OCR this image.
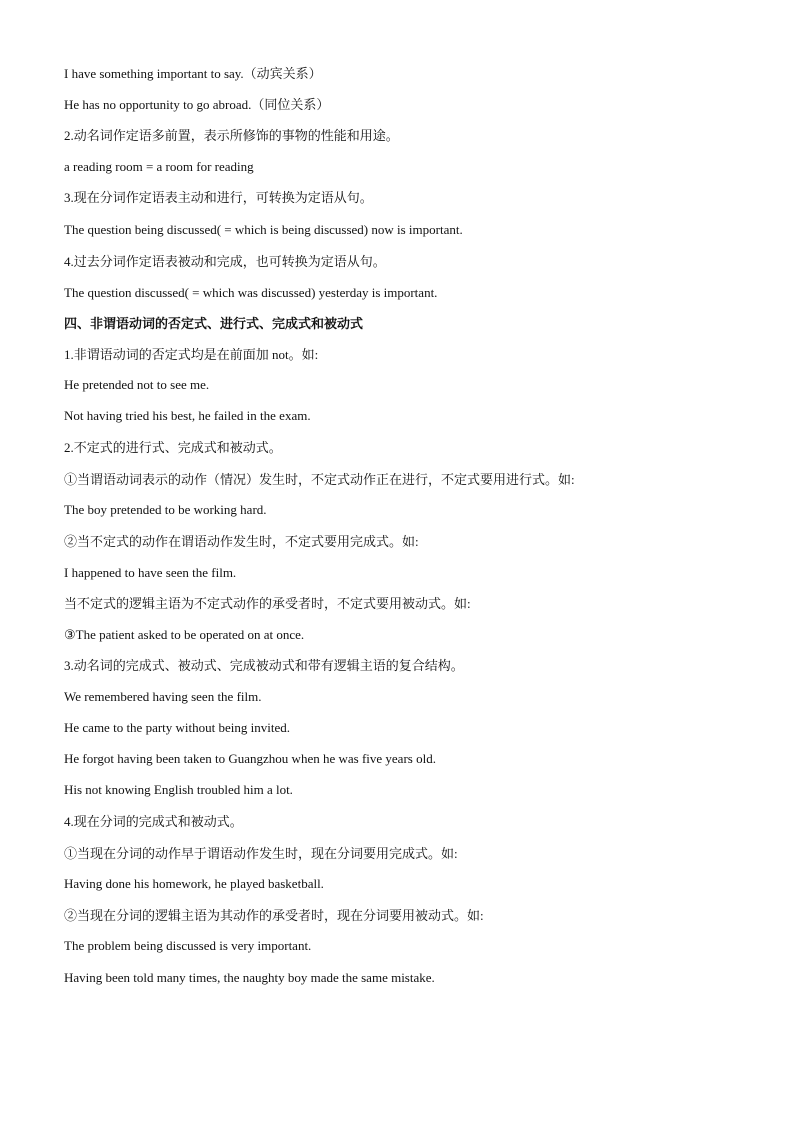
I have something important to say.（动宾关系）

He has no opportunity to go abroad.（同位关系）

2.动名词作定语多前置，表示所修饰的事物的性能和用途。

a reading room = a room for reading

3.现在分词作定语表主动和进行，可转换为定语从句。

The question being discussed( = which is being discussed) now is important.

4.过去分词作定语表被动和完成，也可转换为定语从句。

The question discussed( = which was discussed) yesterday is important.

四、非谓语动词的否定式、进行式、完成式和被动式

1.非谓语动词的否定式均是在前面加 not。如:

He pretended not to see me.

Not having tried his best, he failed in the exam.

2.不定式的进行式、完成式和被动式。

①当谓语动词表示的动作（情况）发生时，不定式动作正在进行，不定式要用进行式。如:

The boy pretended to be working hard.

②当不定式的动作在谓语动作发生时，不定式要用完成式。如:

I happened to have seen the film.

当不定式的逻辑主语为不定式动作的承受者时，不定式要用被动式。如:

③The patient asked to be operated on at once.

3.动名词的完成式、被动式、完成被动式和带有逻辑主语的复合结构。

We remembered having seen the film.

He came to the party without being invited.

He forgot having been taken to Guangzhou when he was five years old.

His not knowing English troubled him a lot.

4.现在分词的完成式和被动式。

①当现在分词的动作早于谓语动作发生时，现在分词要用完成式。如:

Having done his homework, he played basketball.

②当现在分词的逻辑主语为其动作的承受者时，现在分词要用被动式。如:

The problem being discussed is very important.

Having been told many times, the naughty boy made the same mistake.
